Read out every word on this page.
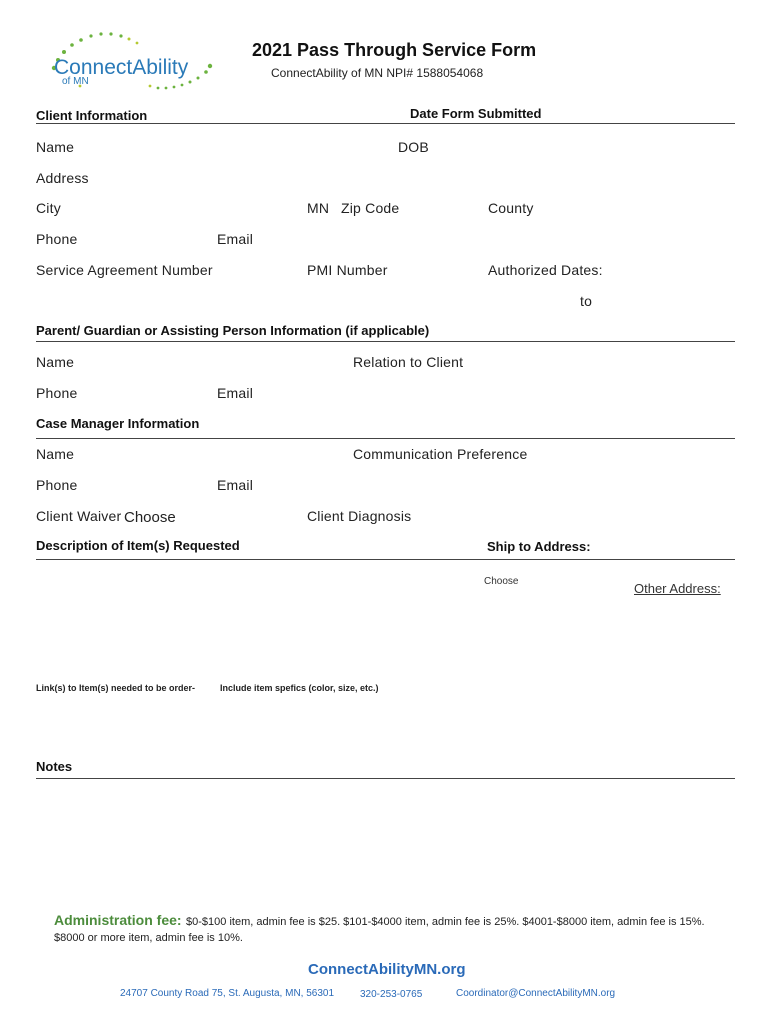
ConnectAbility
of MN
2021 Pass Through Service Form
ConnectAbility of MN NPI# 1588054068
Client Information	Date Form Submitted
Name	DOB
Address
City	MN Zip Code	County
Phone	Email
Service Agreement Number	PMI Number	Authorized Dates:
to
Parent/ Guardian or Assisting Person Information (if applicable)
Name	Relation to Client
Phone	Email
Case Manager Information
Name	Communication Preference
Phone	Email
Client Waiver Choose	Client Diagnosis
Description of Item(s) Requested	Ship to Address:
Choose	Other Address:
Link(s) to Item(s) needed to be order-	Include item spefics (color, size, etc.)
Notes
Administration fee: $0-$100 item, admin fee is $25. $101-$4000 item, admin fee is 25%. $4001-$8000 item, admin fee is 15%.
$8000 or more item, admin fee is 10%.
ConnectAbilityMN.org
24707 County Road 75, St. Augusta, MN, 56301	320-253-0765	Coordinator@ConnectAbilityMN.org
